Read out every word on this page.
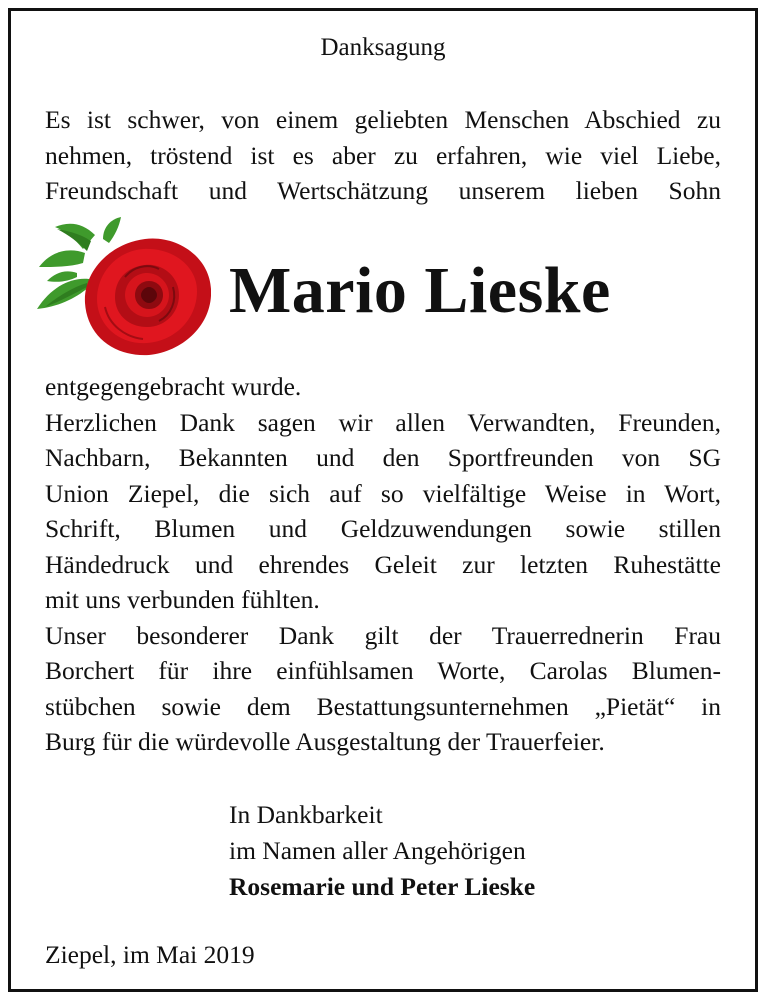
Danksagung
Es ist schwer, von einem geliebten Menschen Abschied zu
nehmen, tröstend ist es aber zu erfahren, wie viel Liebe,
Freundschaft und Wertschätzung unserem lieben Sohn
Mario Lieske
entgegengebracht wurde.
Herzlichen Dank sagen wir allen Verwandten, Freunden,
Nachbarn, Bekannten und den Sportfreunden von SG
Union Ziepel, die sich auf so vielfältige Weise in Wort,
Schrift, Blumen und Geldzuwendungen sowie stillen
Händedruck und ehrendes Geleit zur letzten Ruhestätte
mit uns verbunden fühlten.
Unser besonderer Dank gilt der Trauerrednerin Frau
Borchert für ihre einfühlsamen Worte, Carolas Blumen-
stübchen sowie dem Bestattungsunternehmen „Pietät“ in
Burg für die würdevolle Ausgestaltung der Trauerfeier.
In Dankbarkeit
im Namen aller Angehörigen
Rosemarie und Peter Lieske
Ziepel, im Mai 2019
